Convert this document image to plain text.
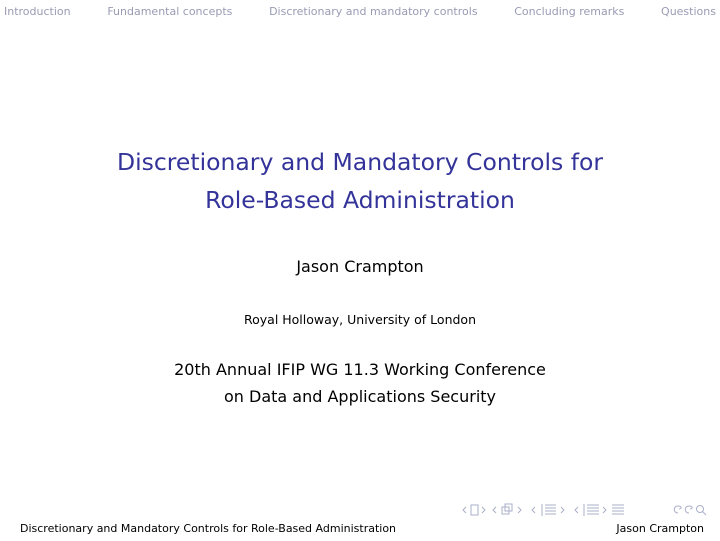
Introduction	Fundamental concepts	Discretionary and mandatory controls	Concluding remarks	Questions
Discretionary and Mandatory Controls for
Role-Based Administration
Jason Crampton
Royal Holloway, University of London
20th Annual IFIP WG 11.3 Working Conference
on Data and Applications Security
Discretionary and Mandatory Controls for Role-Based Administration	Jason Crampton
